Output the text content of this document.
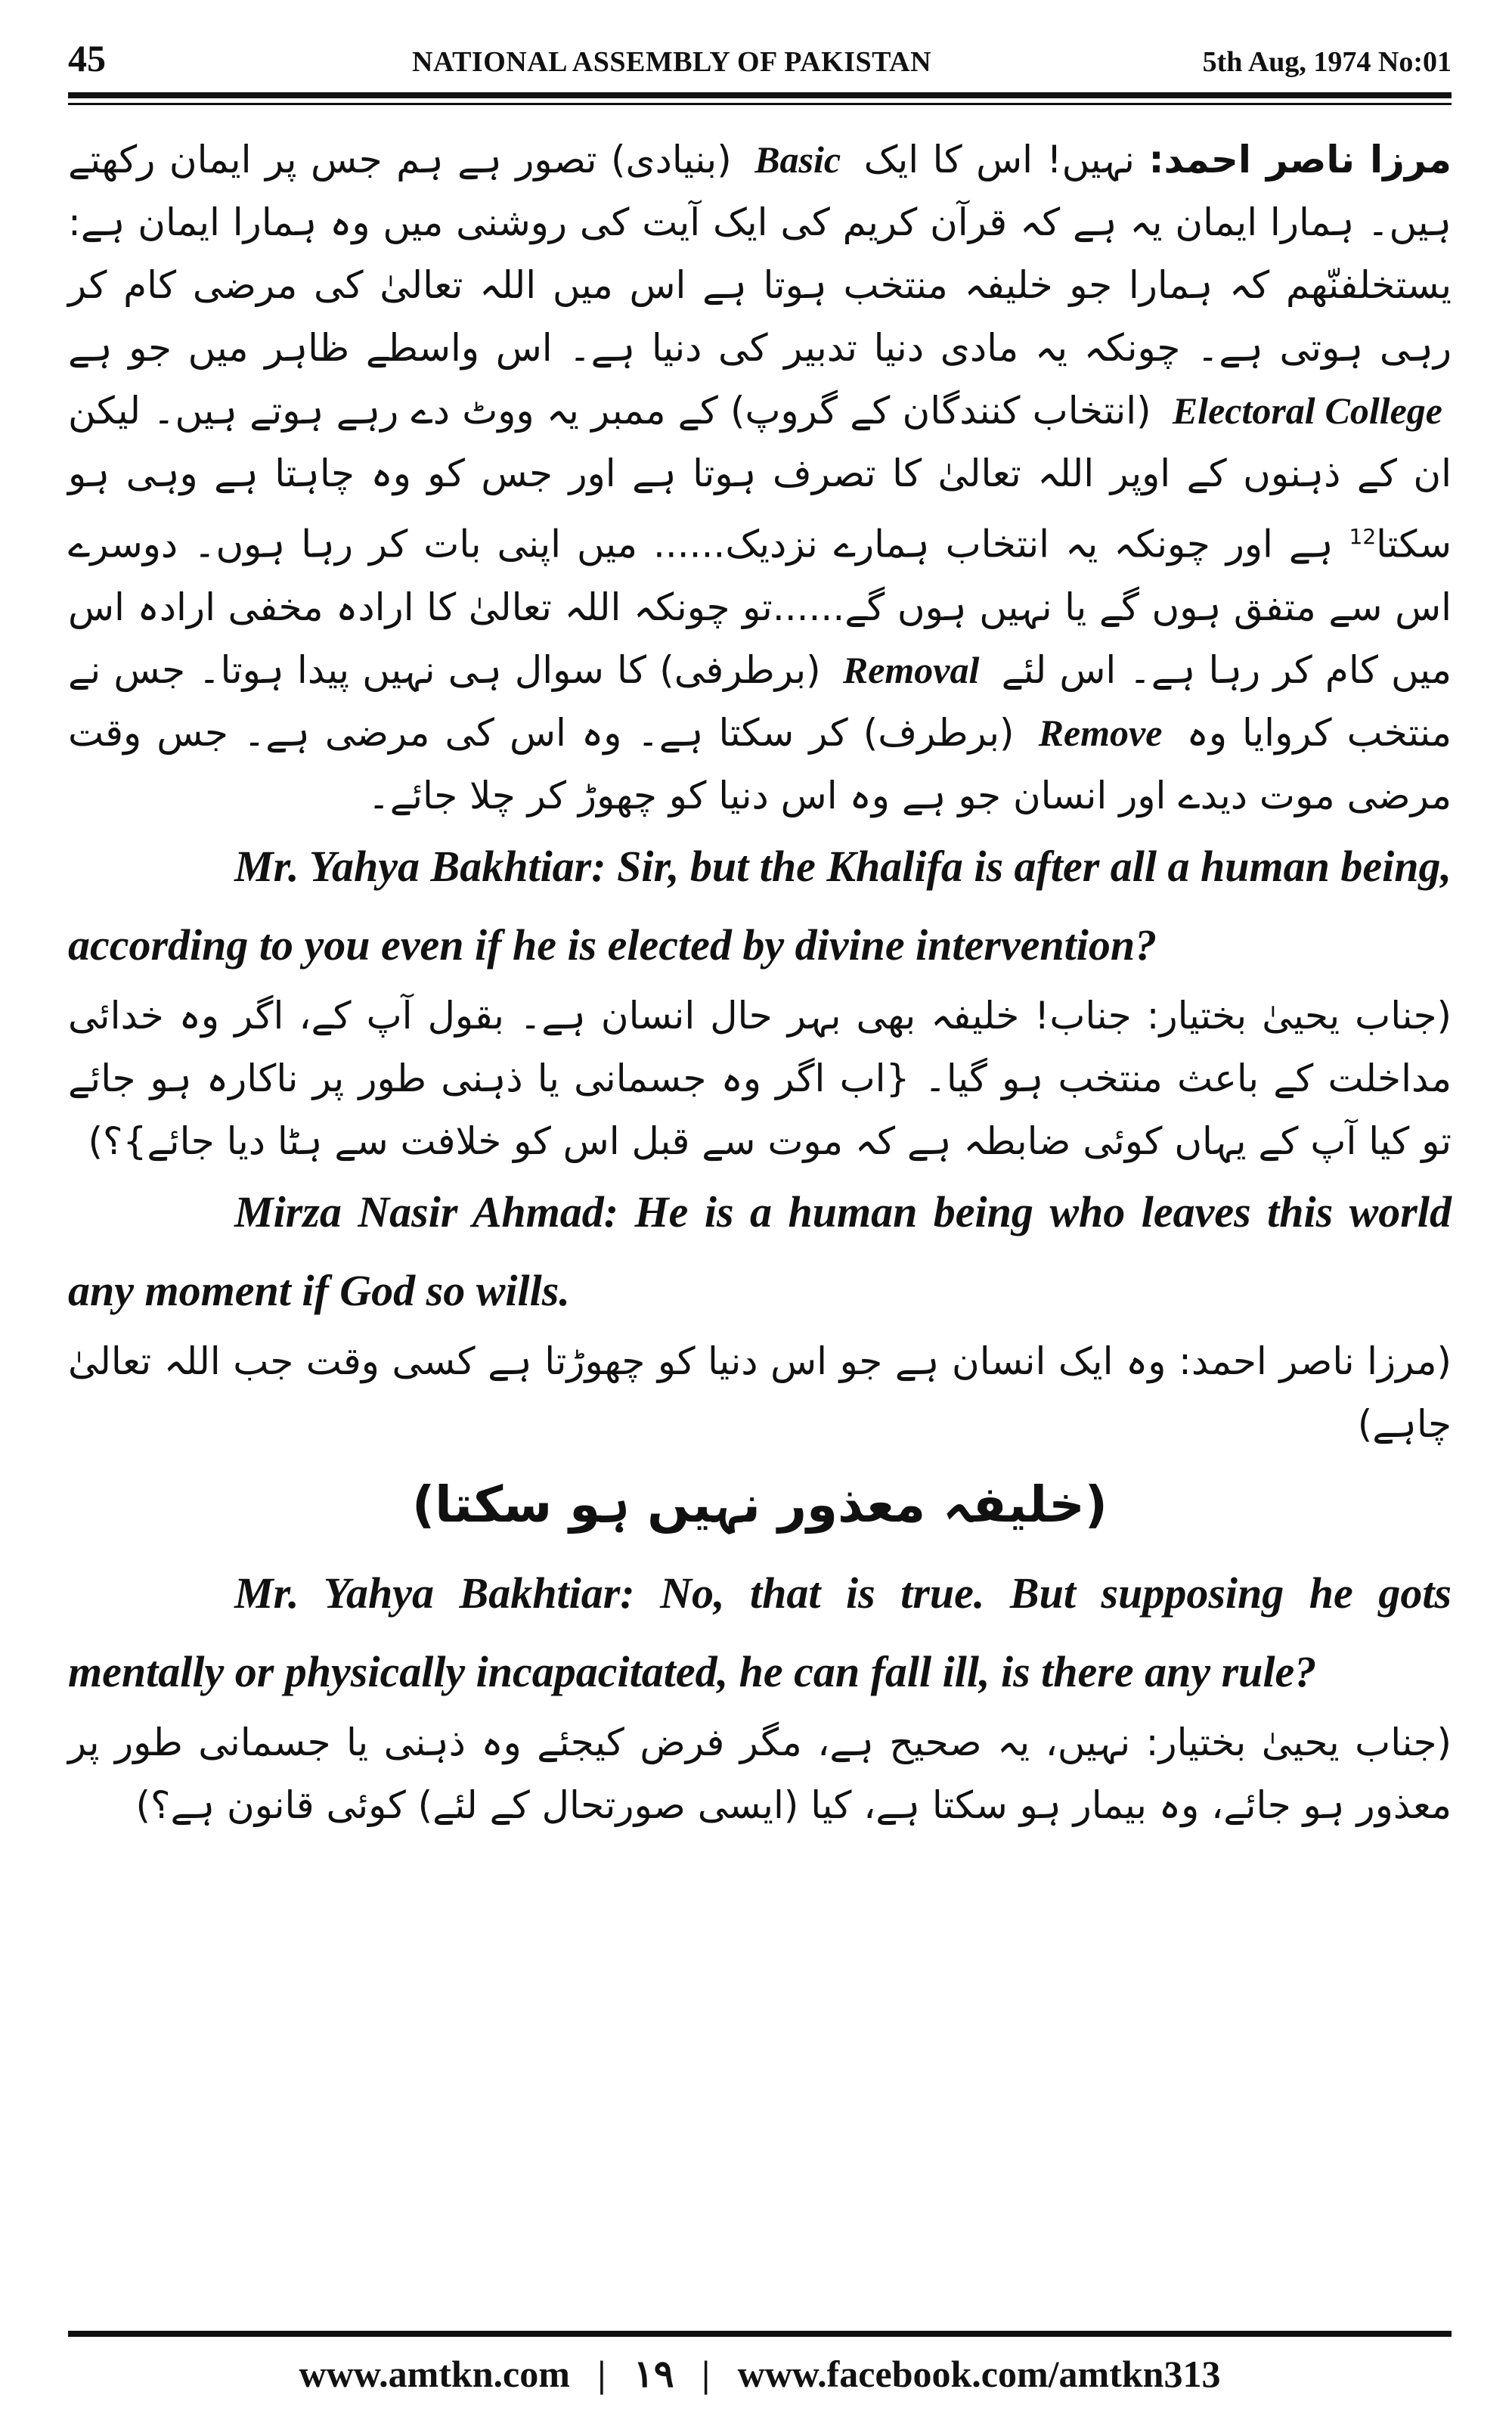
45	NATIONAL ASSEMBLY OF PAKISTAN	5th Aug, 1974 No:01

مرزا ناصر احمد: نہیں! اس کا ایک Basic (بنیادی) تصور ہے ہم جس پر ایمان رکھتے ہیں۔ ہمارا ایمان یہ ہے کہ قرآن کریم کی ایک آیت کی روشنی میں وہ ہمارا ایمان ہے: یستخلفنّھم کہ ہمارا جو خلیفہ منتخب ہوتا ہے اس میں اللہ تعالیٰ کی مرضی کام کر رہی ہوتی ہے۔ چونکہ یہ مادی دنیا تدبیر کی دنیا ہے۔ اس واسطے ظاہر میں جو ہے Electoral College (انتخاب کنندگان کے گروپ) کے ممبر یہ ووٹ دے رہے ہوتے ہیں۔ لیکن ان کے ذہنوں کے اوپر اللہ تعالیٰ کا تصرف ہوتا ہے اور جس کو وہ چاہتا ہے وہی ہو سکتا$^{12}$ ہے اور چونکہ یہ انتخاب ہمارے نزدیک...... میں اپنی بات کر رہا ہوں۔ دوسرے اس سے متفق ہوں گے یا نہیں ہوں گے......تو چونکہ اللہ تعالیٰ کا ارادہ مخفی ارادہ اس میں کام کر رہا ہے۔ اس لئے Removal (برطرفی) کا سوال ہی نہیں پیدا ہوتا۔ جس نے منتخب کروایا وہ Remove (برطرف) کر سکتا ہے۔ وہ اس کی مرضی ہے۔ جس وقت مرضی موت دیدے اور انسان جو ہے وہ اس دنیا کو چھوڑ کر چلا جائے۔

Mr. Yahya Bakhtiar: Sir, but the Khalifa is after all a human being, according to you even if he is elected by divine intervention?

(جناب یحییٰ بختیار: جناب! خلیفہ بھی بہر حال انسان ہے۔ بقول آپ کے، اگر وہ خدائی مداخلت کے باعث منتخب ہو گیا۔ {اب اگر وہ جسمانی یا ذہنی طور پر ناکارہ ہو جائے تو کیا آپ کے یہاں کوئی ضابطہ ہے کہ موت سے قبل اس کو خلافت سے ہٹا دیا جائے}؟)

Mirza Nasir Ahmad: He is a human being who leaves this world any moment if God so wills.

(مرزا ناصر احمد: وہ ایک انسان ہے جو اس دنیا کو چھوڑتا ہے کسی وقت جب اللہ تعالیٰ چاہے)

(خلیفہ معذور نہیں ہو سکتا)

Mr. Yahya Bakhtiar: No, that is true. But supposing he gots mentally or physically incapacitated, he can fall ill, is there any rule?

(جناب یحییٰ بختیار: نہیں، یہ صحیح ہے، مگر فرض کیجئے وہ ذہنی یا جسمانی طور پر معذور ہو جائے، وہ بیمار ہو سکتا ہے، کیا (ایسی صورتحال کے لئے) کوئی قانون ہے؟)

www.amtkn.com | ۱۹ | www.facebook.com/amtkn313
